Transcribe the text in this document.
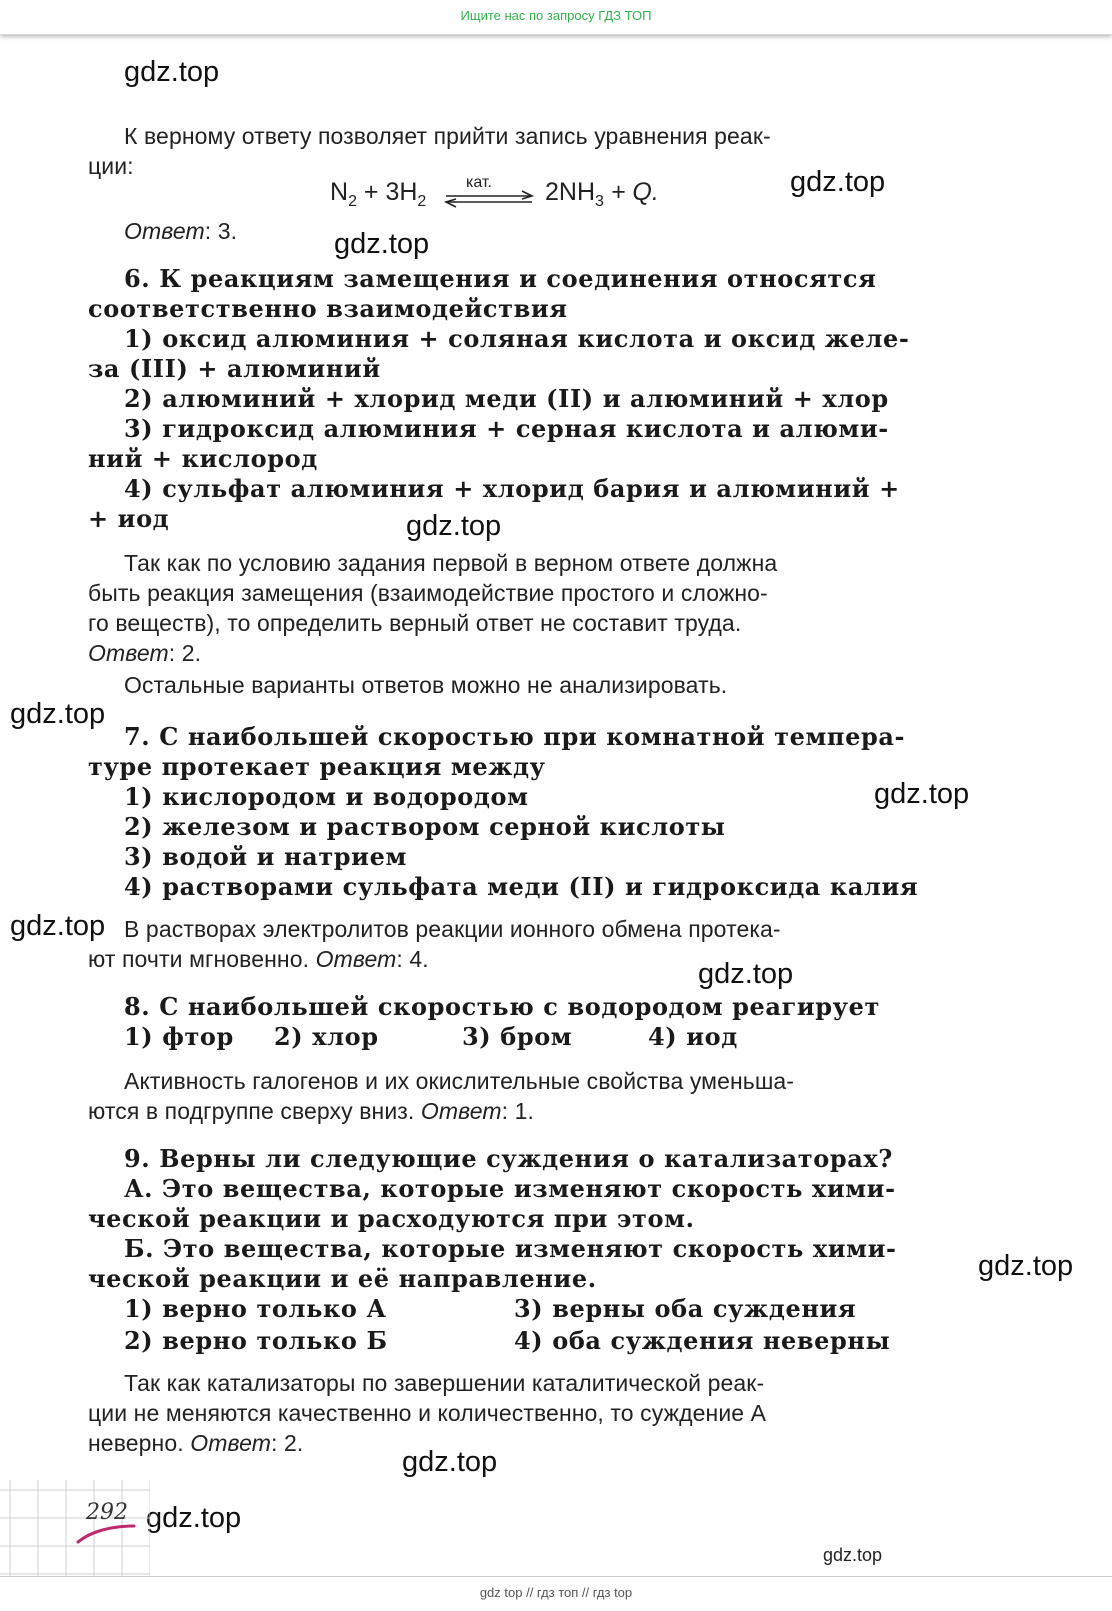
Ищите нас по запросу ГДЗ ТОП
gdz.top
gdz.top
gdz.top
gdz.top
gdz.top
gdz.top
gdz.top
gdz.top
gdz.top
gdz.top
gdz.top
gdz.top
К верному ответу позволяет прийти запись уравнения реак-
ции:
$N_2 + 3H_2$
кат. $2NH_3 + Q$.
Ответ: 3.
6. К реакциям замещения и соединения относятся
соответственно взаимодействия
1) оксид алюминия + соляная кислота и оксид желе-
за (III) + алюминий
2) алюминий + хлорид меди (II) и алюминий + хлор
3) гидроксид алюминия + серная кислота и алюми-
ний + кислород
4) сульфат алюминия + хлорид бария и алюминий +
+ иод
Так как по условию задания первой в верном ответе должна
быть реакция замещения (взаимодействие простого и сложно-
го веществ), то определить верный ответ не составит труда.
Ответ: 2.
Остальные варианты ответов можно не анализировать.
7. С наибольшей скоростью при комнатной темпера-
туре протекает реакция между
1) кислородом и водородом
2) железом и раствором серной кислоты
3) водой и натрием
4) растворами сульфата меди (II) и гидроксида калия
В растворах электролитов реакции ионного обмена протека-
ют почти мгновенно. Ответ: 4.
8. С наибольшей скоростью с водородом реагирует
1) фтор 2) хлор	3) бром	4) иод
Активность галогенов и их окислительные свойства уменьша-
ются в подгруппе сверху вниз. Ответ: 1.
9. Верны ли следующие суждения о катализаторах?
А. Это вещества, которые изменяют скорость хими-
ческой реакции и расходуются при этом.
Б. Это вещества, которые изменяют скорость хими-
ческой реакции и её направление.
1) верно только А	3) верны оба суждения
2) верно только Б	4) оба суждения неверны
Так как катализаторы по завершении каталитической реак-
ции не меняются качественно и количественно, то суждение А
неверно. Ответ: 2.
292
gdz top // гдз топ // гдз top
